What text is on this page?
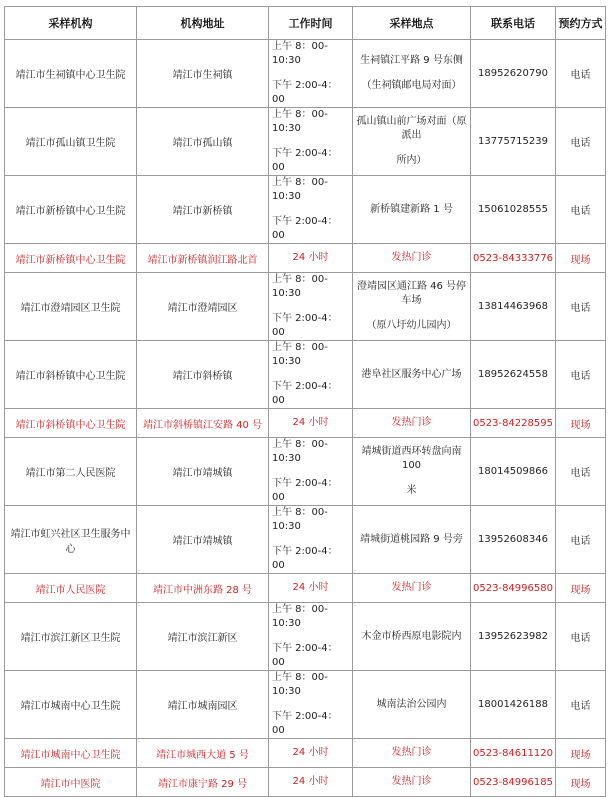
采样机构	机构地址	工作时间	采样地点	联系电话	预约方式
靖江市生祠镇中心卫生院	靖江市生祠镇	上午 8：00-10:30
下午 2:00-4：00	生祠镇江平路 9 号东侧
（生祠镇邮电局对面）	18952620790	电话
靖江市孤山镇卫生院	靖江市孤山镇	上午 8：00-10:30
下午 2:00-4：00	孤山镇山前广场对面（原派出
所内）	13775715239	电话
靖江市新桥镇中心卫生院	靖江市新桥镇	上午 8：00-10:30
下午 2:00-4：00	新桥镇建新路 1 号	15061028555	电话
靖江市新桥镇中心卫生院	靖江市新桥镇润江路北首	24 小时	发热门诊	0523-84333776	现场
靖江市澄靖园区卫生院	靖江市澄靖园区	上午 8：00-10:30
下午 2:00-4：00	澄靖园区通江路 46 号停车场
（原八圩幼儿园内）	13814463968	电话
靖江市斜桥镇中心卫生院	靖江市斜桥镇	上午 8：00-10:30
下午 2:00-4：00	港阜社区服务中心广场	18952624558	电话
靖江市斜桥镇中心卫生院	靖江市斜桥镇江安路 40 号	24 小时	发热门诊	0523-84228595	现场
靖江市第二人民医院	靖江市靖城镇	上午 8：00-10:30
下午 2:00-4：00	靖城街道西环转盘向南 100
米	18014509866	电话
靖江市虹兴社区卫生服务中心	靖江市靖城镇	上午 8：00-10:30
下午 2:00-4：00	靖城街道桃园路 9 号旁	13952608346	电话
靖江市人民医院	靖江市中洲东路 28 号	24 小时	发热门诊	0523-84996580	现场
靖江市滨江新区卫生院	靖江市滨江新区	上午 8：00-10:30
下午 2:00-4：00	木金市桥西原电影院内	13952623982	电话
靖江市城南中心卫生院	靖江市城南园区	上午 8：00-10:30
下午 2:00-4：00	城南法治公园内	18001426188	电话
靖江市城南中心卫生院	靖江市城西大道 5 号	24 小时	发热门诊	0523-84611120	现场
靖江市中医院	靖江市康宁路 29 号	24 小时	发热门诊	0523-84996185	现场
